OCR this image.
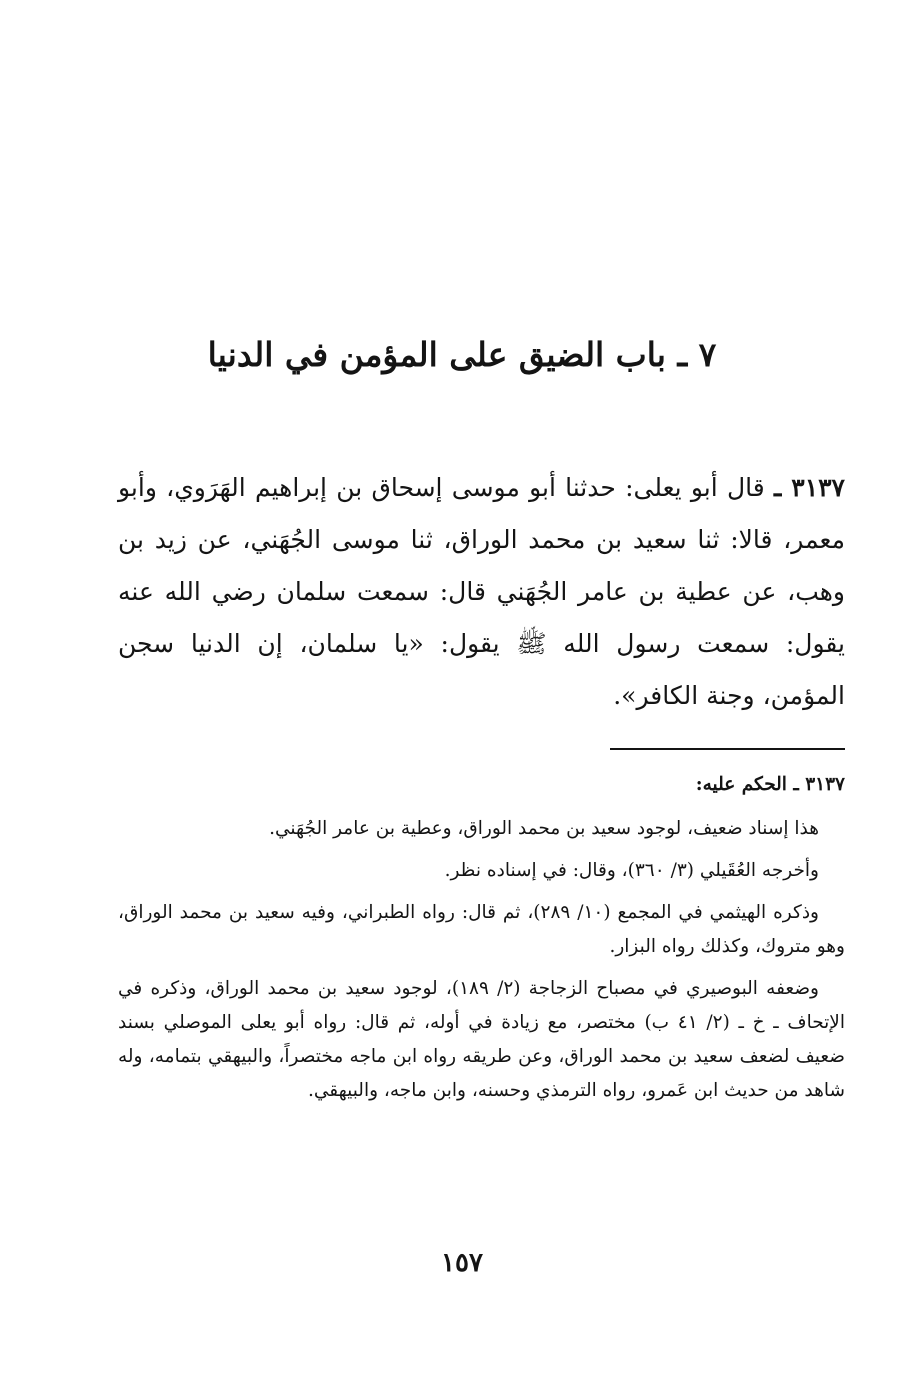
٧ ـ باب الضيق على المؤمن في الدنيا

٣١٣٧ ـ قال أبو يعلى: حدثنا أبو موسى إسحاق بن إبراهيم الهَرَوي، وأبو معمر، قالا: ثنا سعيد بن محمد الوراق، ثنا موسى الجُهَني، عن زيد بن وهب، عن عطية بن عامر الجُهَني قال: سمعت سلمان رضي الله عنه يقول: سمعت رسول الله ﷺ يقول: «يا سلمان، إن الدنيا سجن المؤمن، وجنة الكافر».

٣١٣٧ ـ الحكم عليه:

هذا إسناد ضعيف، لوجود سعيد بن محمد الوراق، وعطية بن عامر الجُهَني.

وأخرجه العُقَيلي (٣/ ٣٦٠)، وقال: في إسناده نظر.

وذكره الهيثمي في المجمع (١٠/ ٢٨٩)، ثم قال: رواه الطبراني، وفيه سعيد بن محمد الوراق، وهو متروك، وكذلك رواه البزار.

وضعفه البوصيري في مصباح الزجاجة (٢/ ١٨٩)، لوجود سعيد بن محمد الوراق، وذكره في الإتحاف ـ خ ـ (٢/ ٤١ ب) مختصر، مع زيادة في أوله، ثم قال: رواه أبو يعلى الموصلي بسند ضعيف لضعف سعيد بن محمد الوراق، وعن طريقه رواه ابن ماجه مختصراً، والبيهقي بتمامه، وله شاهد من حديث ابن عَمرو، رواه الترمذي وحسنه، وابن ماجه، والبيهقي.

١٥٧
